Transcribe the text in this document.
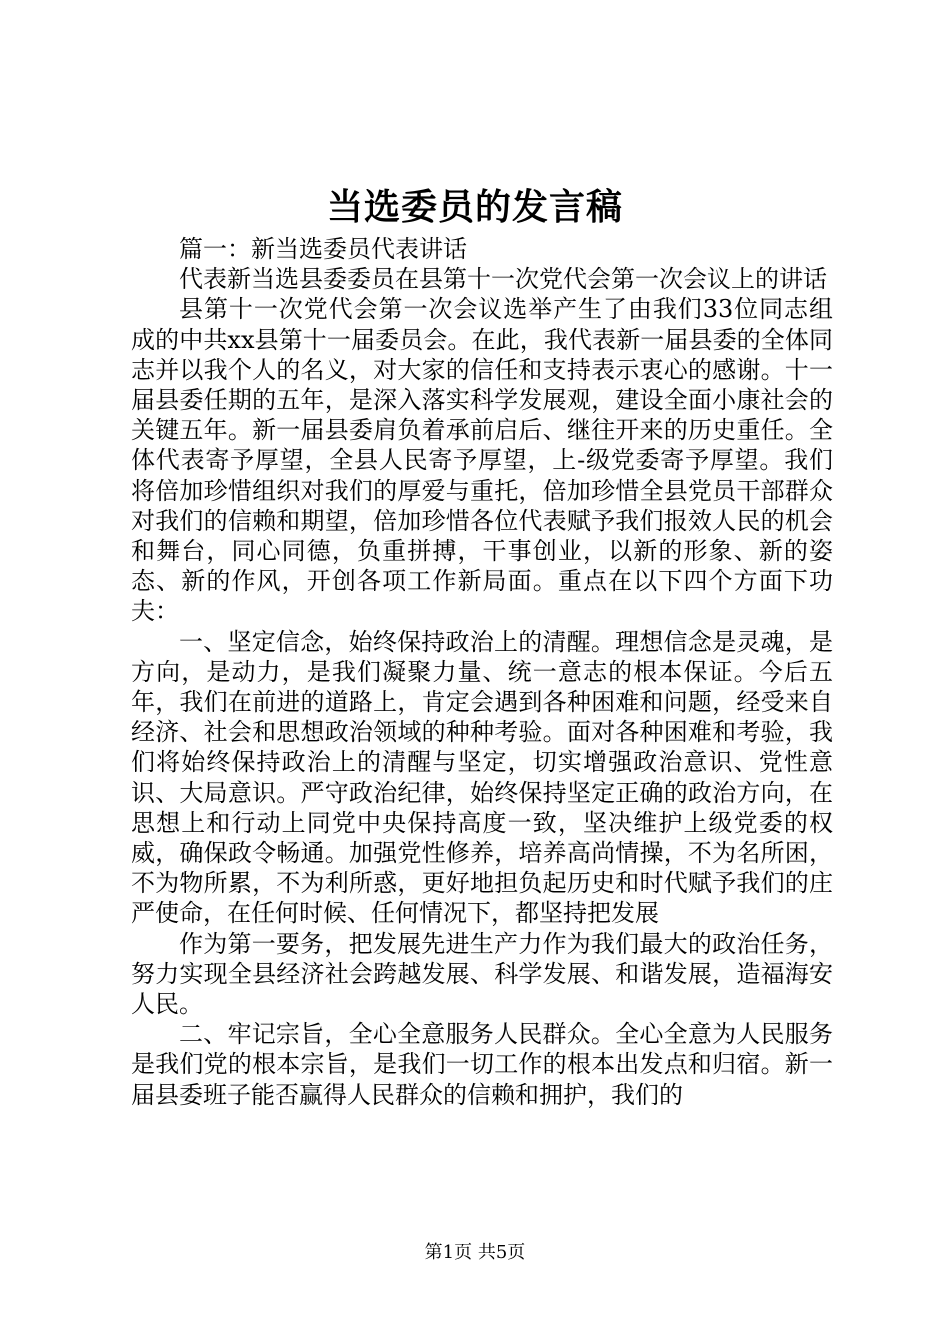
当选委员的发言稿

篇一：新当选委员代表讲话

代表新当选县委委员在县第十一次党代会第一次会议上的讲话

县第十一次党代会第一次会议选举产生了由我们33位同志组成的中共xx县第十一届委员会。在此，我代表新一届县委的全体同志并以我个人的名义，对大家的信任和支持表示衷心的感谢。十一届县委任期的五年，是深入落实科学发展观，建设全面小康社会的关键五年。新一届县委肩负着承前启后、继往开来的历史重任。全体代表寄予厚望，全县人民寄予厚望，上-级党委寄予厚望。我们将倍加珍惜组织对我们的厚爱与重托，倍加珍惜全县党员干部群众对我们的信赖和期望，倍加珍惜各位代表赋予我们报效人民的机会和舞台，同心同德，负重拼搏，干事创业，以新的形象、新的姿态、新的作风，开创各项工作新局面。重点在以下四个方面下功夫：

一、坚定信念，始终保持政治上的清醒。理想信念是灵魂，是方向，是动力，是我们凝聚力量、统一意志的根本保证。今后五年，我们在前进的道路上，肯定会遇到各种困难和问题，经受来自经济、社会和思想政治领域的种种考验。面对各种困难和考验，我们将始终保持政治上的清醒与坚定，切实增强政治意识、党性意识、大局意识。严守政治纪律，始终保持坚定正确的政治方向，在思想上和行动上同党中央保持高度一致，坚决维护上级党委的权威，确保政令畅通。加强党性修养，培养高尚情操，不为名所困，不为物所累，不为利所惑，更好地担负起历史和时代赋予我们的庄严使命，在任何时候、任何情况下，都坚持把发展

作为第一要务，把发展先进生产力作为我们最大的政治任务，努力实现全县经济社会跨越发展、科学发展、和谐发展，造福海安人民。

二、牢记宗旨，全心全意服务人民群众。全心全意为人民服务是我们党的根本宗旨，是我们一切工作的根本出发点和归宿。新一届县委班子能否赢得人民群众的信赖和拥护，我们的

第1页 共5页
